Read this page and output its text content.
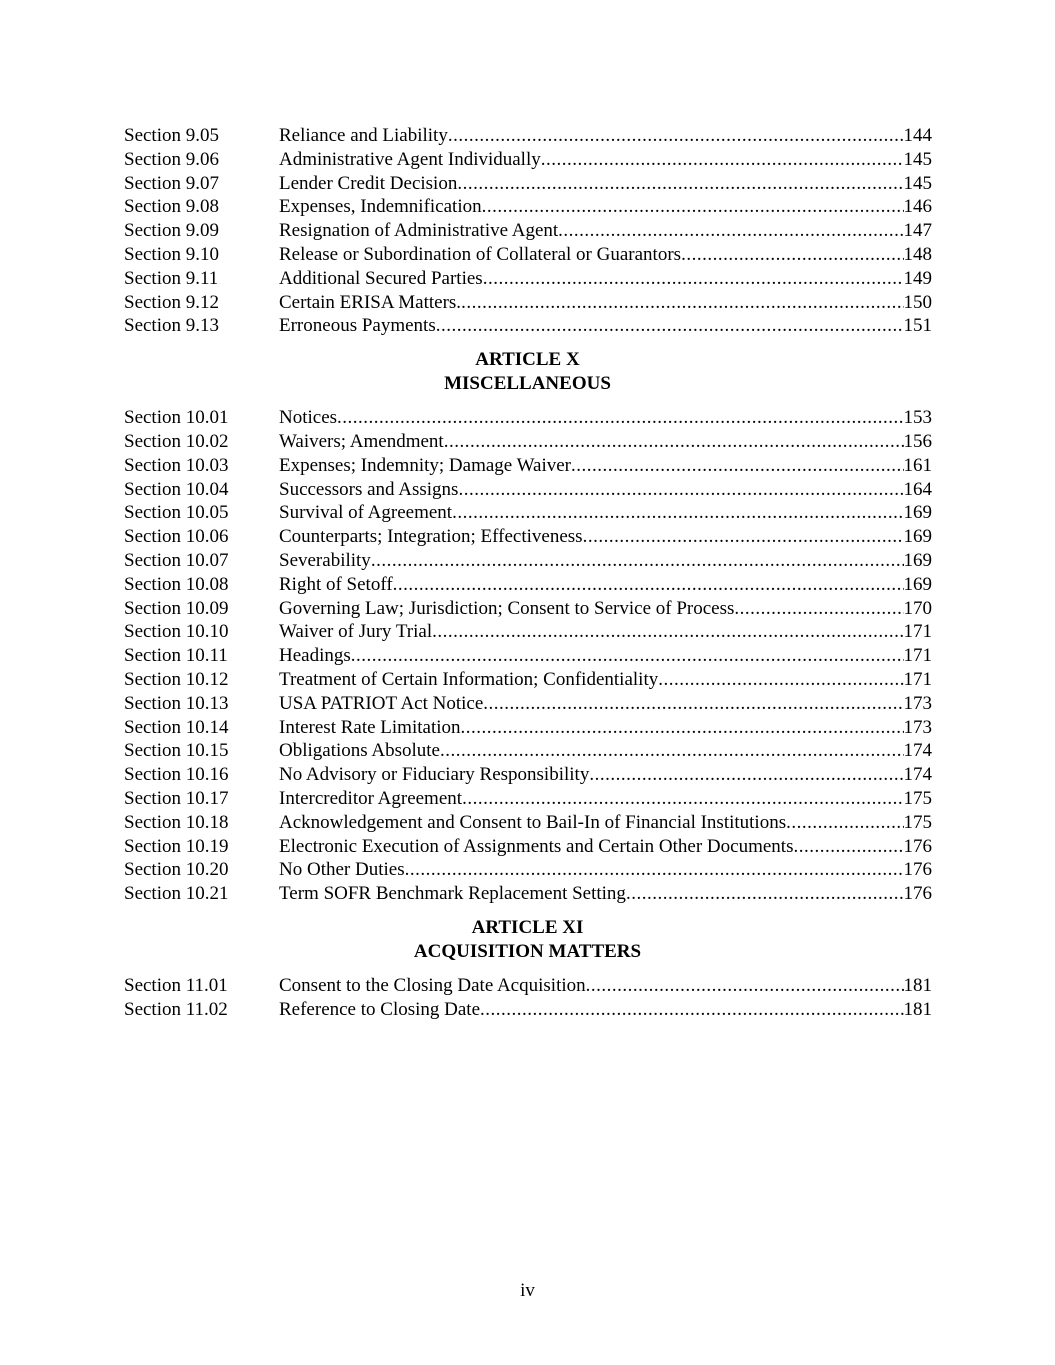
Section 9.05	Reliance and Liability .....	144
Section 9.06	Administrative Agent Individually .....	145
Section 9.07	Lender Credit Decision .....	145
Section 9.08	Expenses, Indemnification .....	146
Section 9.09	Resignation of Administrative Agent .....	147
Section 9.10	Release or Subordination of Collateral or Guarantors .....	148
Section 9.11	Additional Secured Parties .....	149
Section 9.12	Certain ERISA Matters. .....	150
Section 9.13	Erroneous Payments .....	151
ARTICLE X
MISCELLANEOUS
Section 10.01	Notices .....	153
Section 10.02	Waivers; Amendment .....	156
Section 10.03	Expenses; Indemnity; Damage Waiver .....	161
Section 10.04	Successors and Assigns .....	164
Section 10.05	Survival of Agreement .....	169
Section 10.06	Counterparts; Integration; Effectiveness .....	169
Section 10.07	Severability .....	169
Section 10.08	Right of Setoff .....	169
Section 10.09	Governing Law; Jurisdiction; Consent to Service of Process .....	170
Section 10.10	Waiver of Jury Trial .....	171
Section 10.11	Headings .....	171
Section 10.12	Treatment of Certain Information; Confidentiality .....	171
Section 10.13	USA PATRIOT Act Notice .....	173
Section 10.14	Interest Rate Limitation .....	173
Section 10.15	Obligations Absolute .....	174
Section 10.16	No Advisory or Fiduciary Responsibility .....	174
Section 10.17	Intercreditor Agreement .....	175
Section 10.18	Acknowledgement and Consent to Bail-In of Financial Institutions .....	175
Section 10.19	Electronic Execution of Assignments and Certain Other Documents .....	176
Section 10.20	No Other Duties .....	176
Section 10.21	Term SOFR Benchmark Replacement Setting .....	176
ARTICLE XI
ACQUISITION MATTERS
Section 11.01	Consent to the Closing Date Acquisition .....	181
Section 11.02	Reference to Closing Date .....	181
iv
